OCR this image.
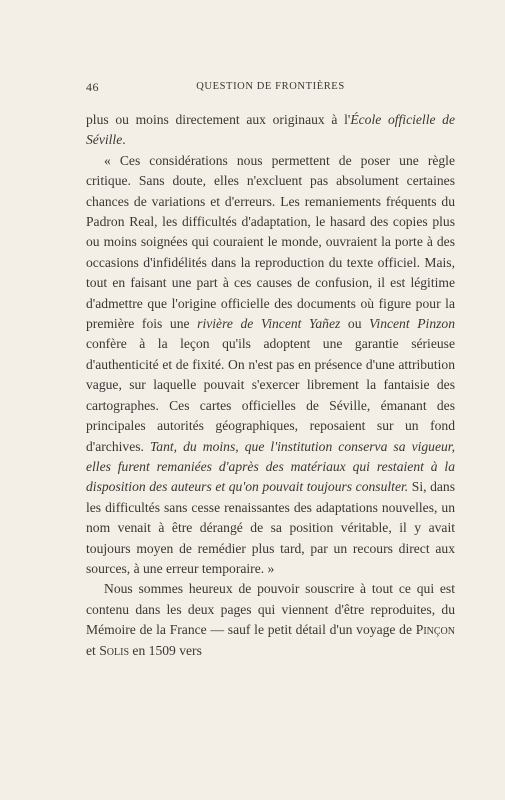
46	QUESTION DE FRONTIÈRES

plus ou moins directement aux originaux à l'École officielle de Séville.

« Ces considérations nous permettent de poser une règle critique. Sans doute, elles n'excluent pas absolument certaines chances de variations et d'erreurs. Les remaniements fréquents du Padron Real, les difficultés d'adaptation, le hasard des copies plus ou moins soignées qui couraient le monde, ouvraient la porte à des occasions d'infidélités dans la reproduction du texte officiel. Mais, tout en faisant une part à ces causes de confusion, il est légitime d'admettre que l'origine officielle des documents où figure pour la première fois une rivière de Vincent Yañez ou Vincent Pinzon confère à la leçon qu'ils adoptent une garantie sérieuse d'authenticité et de fixité. On n'est pas en présence d'une attribution vague, sur laquelle pouvait s'exercer librement la fantaisie des cartographes. Ces cartes officielles de Séville, émanant des principales autorités géographiques, reposaient sur un fond d'archives. Tant, du moins, que l'institution conserva sa vigueur, elles furent remaniées d'après des matériaux qui restaient à la disposition des auteurs et qu'on pouvait toujours consulter. Si, dans les difficultés sans cesse renaissantes des adaptations nouvelles, un nom venait à être dérangé de sa position véritable, il y avait toujours moyen de remédier plus tard, par un recours direct aux sources, à une erreur temporaire. »

Nous sommes heureux de pouvoir souscrire à tout ce qui est contenu dans les deux pages qui viennent d'être reproduites, du Mémoire de la France — sauf le petit détail d'un voyage de Pinçon et Solis en 1509 vers
